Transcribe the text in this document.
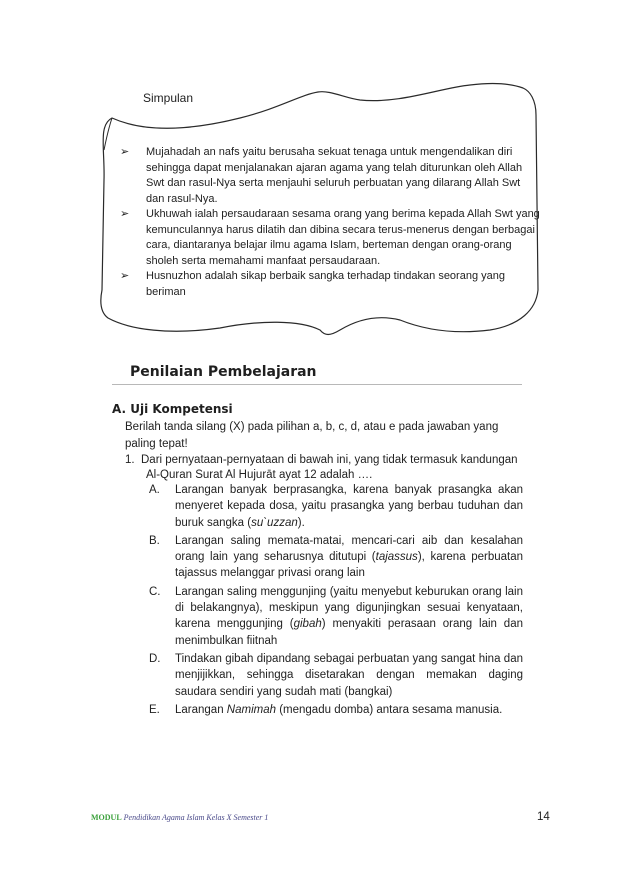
Simpulan
➢ Mujahadah an nafs yaitu berusaha sekuat tenaga untuk mengendalikan diri sehingga dapat menjalanakan ajaran agama yang telah diturunkan oleh Allah Swt dan rasul-Nya serta menjauhi seluruh perbuatan yang dilarang Allah Swt dan rasul-Nya.
➢ Ukhuwah ialah persaudaraan sesama orang yang berima kepada Allah Swt yang kemunculannya harus dilatih dan dibina secara terus-menerus dengan berbagai cara, diantaranya belajar ilmu agama Islam, berteman dengan orang-orang sholeh serta memahami manfaat persaudaraan.
➢ Husnuzhon adalah sikap berbaik sangka terhadap tindakan seorang yang beriman
Penilaian Pembelajaran
A. Uji Kompetensi
Berilah tanda silang (X) pada pilihan a, b, c, d, atau e pada jawaban yang paling tepat!
1. Dari pernyataan-pernyataan di bawah ini, yang tidak termasuk kandungan
Al-Quran Surat Al Hujurāt ayat 12 adalah ….
A. Larangan banyak berprasangka, karena banyak prasangka akan menyeret kepada dosa, yaitu prasangka yang berbau tuduhan dan buruk sangka (su`uzzan).
B. Larangan saling memata-matai, mencari-cari aib dan kesalahan orang lain yang seharusnya ditutupi (tajassus), karena perbuatan tajassus melanggar privasi orang lain
C. Larangan saling menggunjing (yaitu menyebut keburukan orang lain di belakangnya), meskipun yang digunjingkan sesuai kenyataan, karena menggunjing (gibah) menyakiti perasaan orang lain dan menimbulkan fiitnah
D. Tindakan gibah dipandang sebagai perbuatan yang sangat hina dan menjijikkan, sehingga disetarakan dengan memakan daging saudara sendiri yang sudah mati (bangkai)
E. Larangan Namimah (mengadu domba) antara sesama manusia.
MODUL Pendidikan Agama Islam Kelas X Semester 1	14
